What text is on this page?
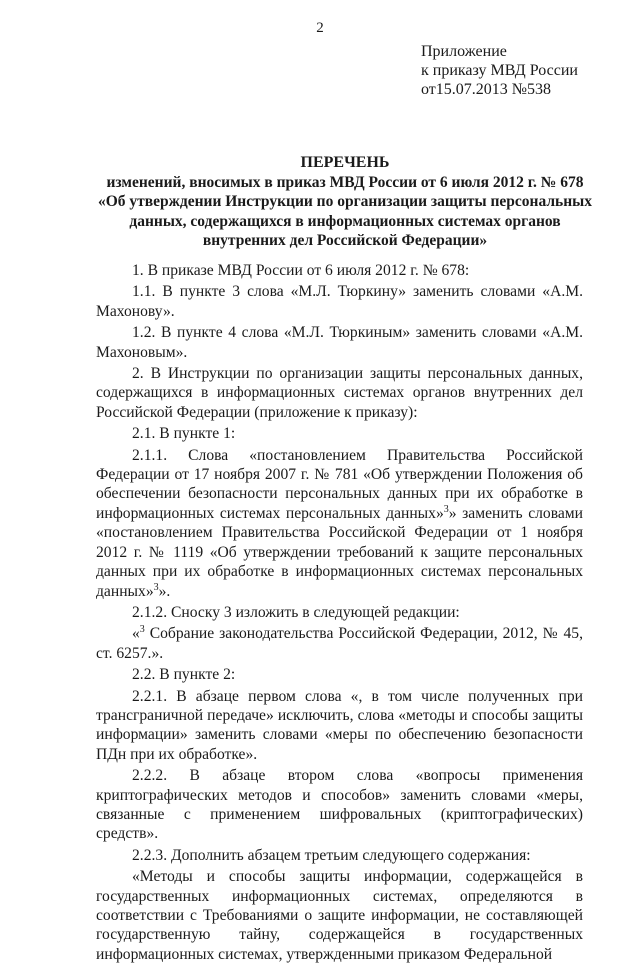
2
Приложение
к приказу МВД России
от15.07.2013 №538
ПЕРЕЧЕНЬ
изменений, вносимых в приказ МВД России от 6 июля 2012 г. № 678
«Об утверждении Инструкции по организации защиты персональных
данных, содержащихся в информационных системах органов
внутренних дел Российской Федерации»

1. В приказе МВД России от 6 июля 2012 г. № 678:

1.1. В пункте 3 слова «М.Л. Тюркину» заменить словами «А.М. Махонову».

1.2. В пункте 4 слова «М.Л. Тюркиным» заменить словами «А.М. Махоновым».

2. В Инструкции по организации защиты персональных данных, содержащихся в информационных системах органов внутренних дел Российской Федерации (приложение к приказу):

2.1. В пункте 1:

2.1.1. Слова «постановлением Правительства Российской Федерации от 17 ноября 2007 г. № 781 «Об утверждении Положения об обеспечении безопасности персональных данных при их обработке в информационных системах персональных данных»$^3$» заменить словами «постановлением Правительства Российской Федерации от 1 ноября 2012 г. № 1119 «Об утверждении требований к защите персональных данных при их обработке в информационных системах персональных данных»$^3$».

2.1.2. Сноску 3 изложить в следующей редакции:

«$^3$ Собрание законодательства Российской Федерации, 2012, № 45, ст. 6257.».

2.2. В пункте 2:

2.2.1. В абзаце первом слова «, в том числе полученных при трансграничной передаче» исключить, слова «методы и способы защиты информации» заменить словами «меры по обеспечению безопасности ПДн при их обработке».

2.2.2. В абзаце втором слова «вопросы применения криптографических методов и способов» заменить словами «меры, связанные с применением шифровальных (криптографических) средств».

2.2.3. Дополнить абзацем третьим следующего содержания:

«Методы и способы защиты информации, содержащейся в государственных информационных системах, определяются в соответствии с Требованиями о защите информации, не составляющей государственную тайну, содержащейся в государственных информационных системах, утвержденными приказом Федеральной
